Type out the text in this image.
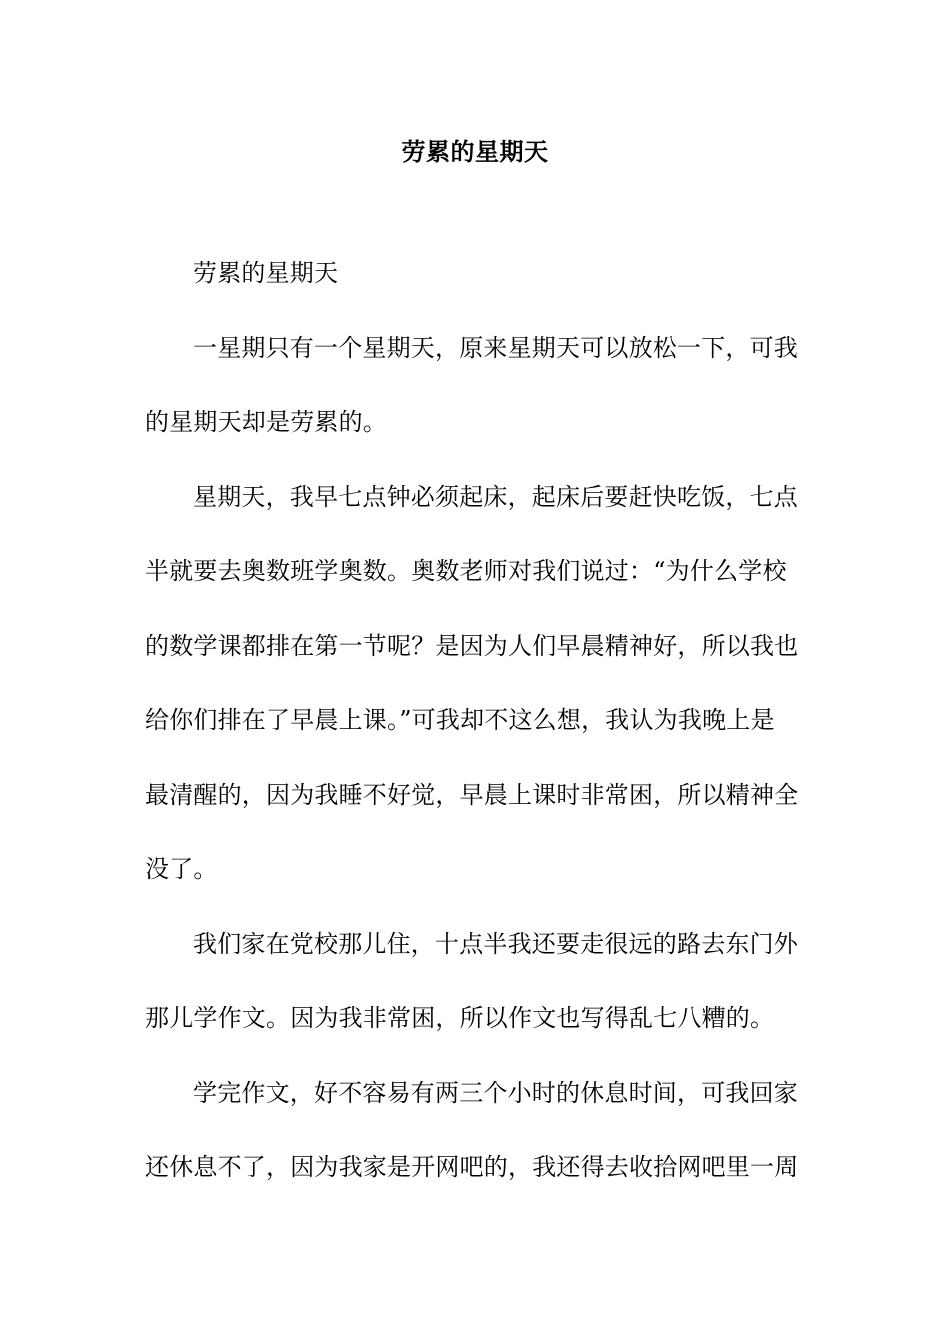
劳累的星期天
劳累的星期天
一星期只有一个星期天，原来星期天可以放松一下，可我
的星期天却是劳累的。
星期天，我早七点钟必须起床，起床后要赶快吃饭，七点
半就要去奥数班学奥数。奥数老师对我们说过：“为什么学校
的数学课都排在第一节呢？是因为人们早晨精神好，所以我也
给你们排在了早晨上课。”可我却不这么想，我认为我晚上是
最清醒的，因为我睡不好觉，早晨上课时非常困，所以精神全
没了。
我们家在党校那儿住，十点半我还要走很远的路去东门外
那儿学作文。因为我非常困，所以作文也写得乱七八糟的。
学完作文，好不容易有两三个小时的休息时间，可我回家
还休息不了，因为我家是开网吧的，我还得去收拾网吧里一周
